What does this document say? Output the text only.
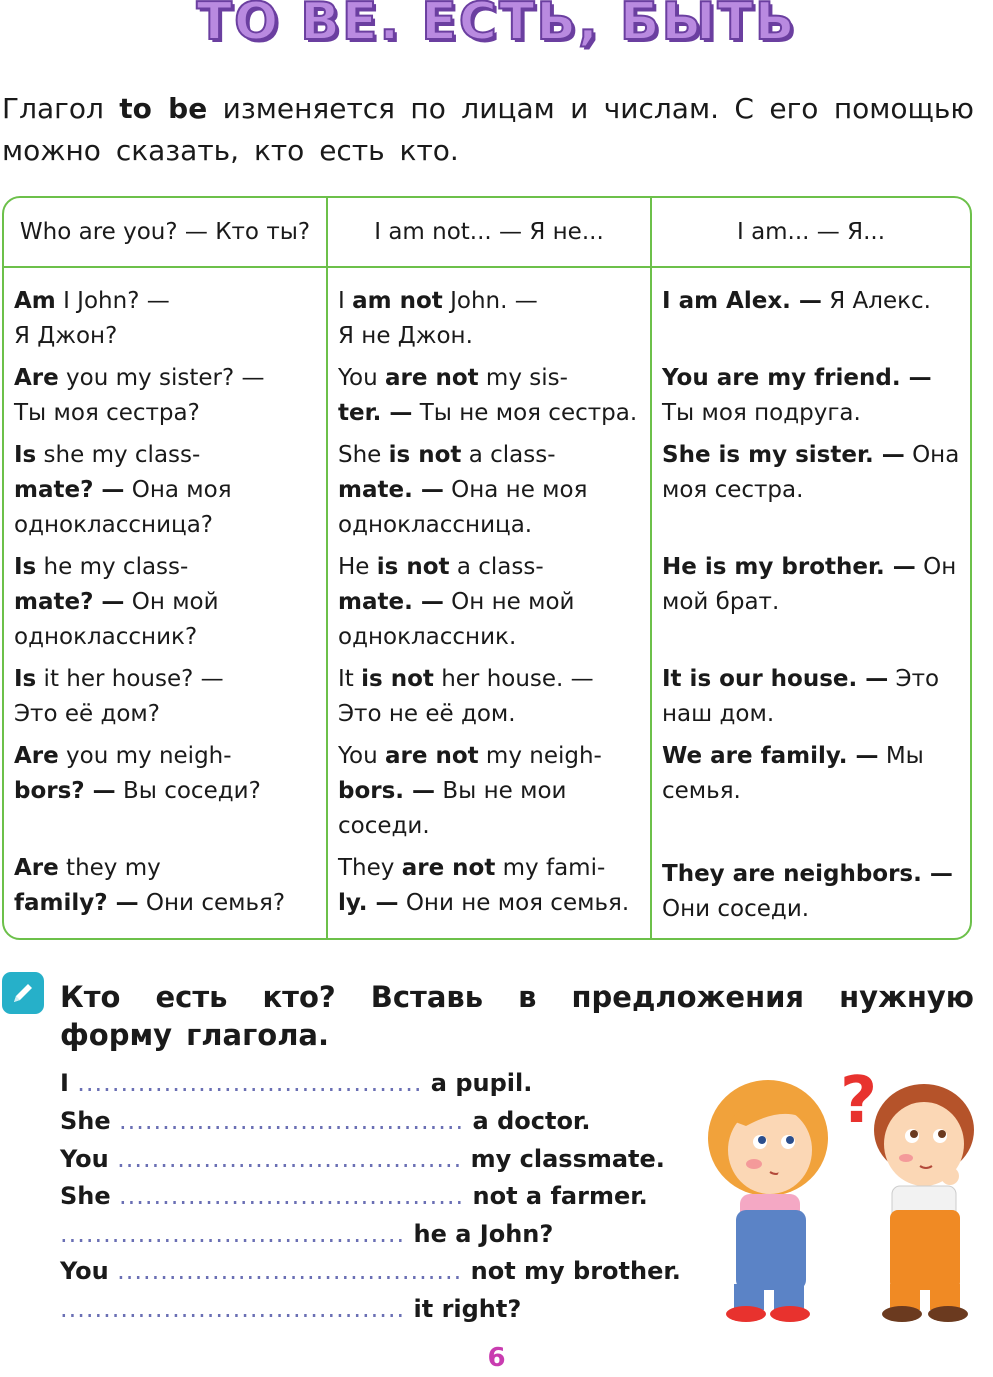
TO BE. ЕСТЬ, БЫТЬ
Глагол to be изменяется по лицам и числам. С его помощью можно сказать, кто есть кто.
Who are you? — Кто ты?	I am not... — Я не...	I am... — Я...
Am I John? —
Я Джон?
Are you my sister? —
Ты моя сестра?
Is she my class-
mate? — Она моя
одноклассница?
Is he my class-
mate? — Он мой
одноклассник?
Is it her house? —
Это её дом?
Are you my neigh-
bors? — Вы соседи?
Are they my
family? — Они семья?
I am not John. —
Я не Джон.
You are not my sis-
ter. — Ты не моя сестра.
She is not a class-
mate. — Она не моя
одноклассница.
He is not a class-
mate. — Он не мой
одноклассник.
It is not her house. —
Это не её дом.
You are not my neigh-
bors. — Вы не мои
соседи.
They are not my fami-
ly. — Они не моя семья.
I am Alex. — Я Алекс.
You are my friend. —
Ты моя подруга.
She is my sister. — Она
моя сестра.
He is my brother. — Он
мой брат.
It is our house. — Это
наш дом.
We are family. — Мы
семья.
They are neighbors. —
Они соседи.
Кто есть кто? Вставь в предложения нужную форму глагола.
I ........................................ a pupil.
She ........................................ a doctor.
You ........................................ my classmate.
She ........................................ not a farmer.
........................................ he a John?
You ........................................ not my brother.
........................................ it right?
?
6
